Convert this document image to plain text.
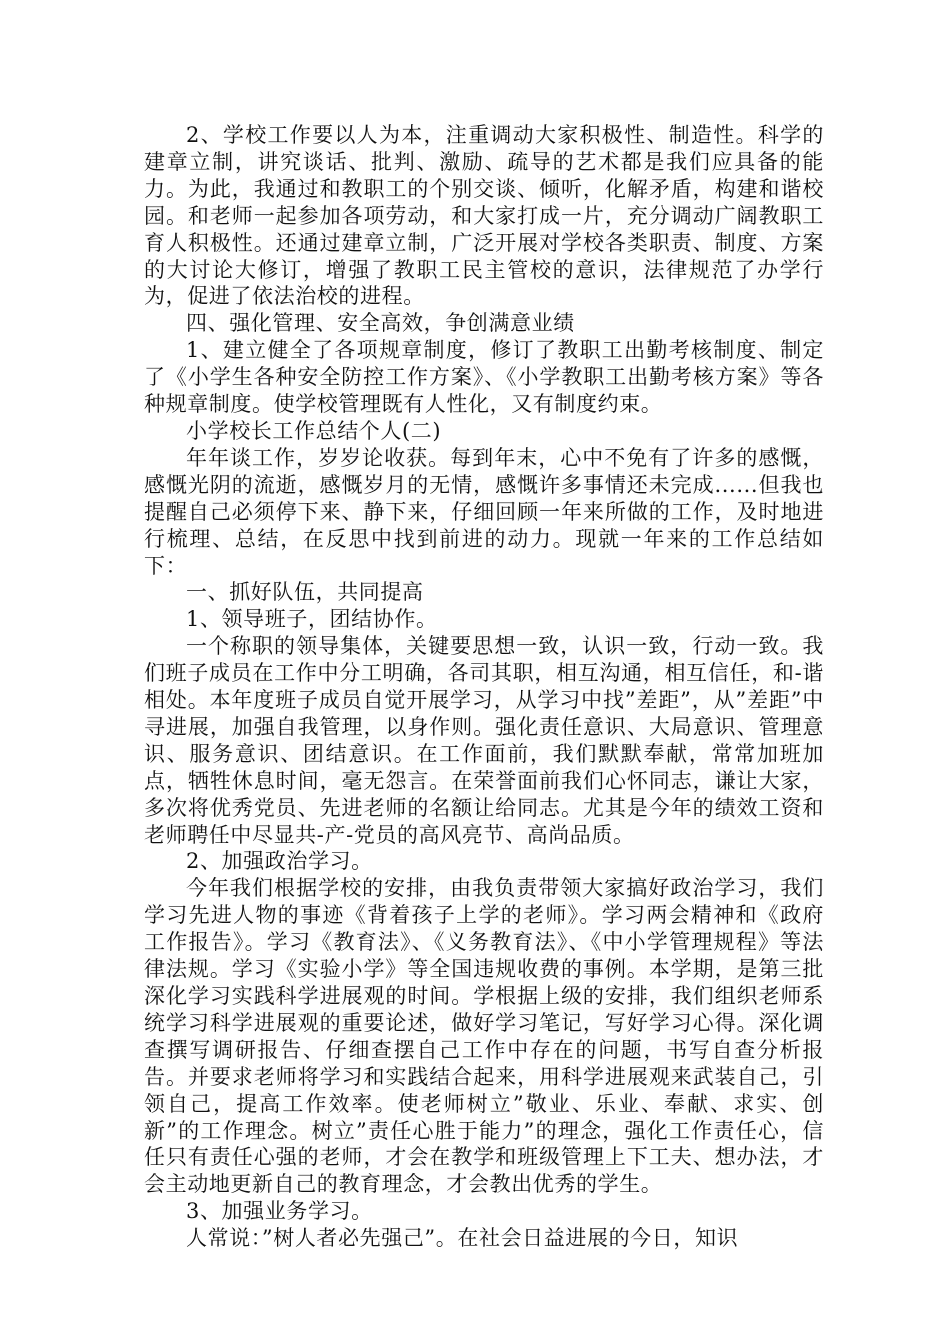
2、学校工作要以人为本，注重调动大家积极性、制造性。科学的建章立制，讲究谈话、批判、激励、疏导的艺术都是我们应具备的能力。为此，我通过和教职工的个别交谈、倾听，化解矛盾，构建和谐校园。和老师一起参加各项劳动，和大家打成一片，充分调动广阔教职工育人积极性。还通过建章立制，广泛开展对学校各类职责、制度、方案的大讨论大修订，增强了教职工民主管校的意识，法律规范了办学行为，促进了依法治校的进程。

四、强化管理、安全高效，争创满意业绩

1、建立健全了各项规章制度，修订了教职工出勤考核制度、制定了《小学生各种安全防控工作方案》、《小学教职工出勤考核方案》等各种规章制度。使学校管理既有人性化，又有制度约束。

小学校长工作总结个人(二)

年年谈工作，岁岁论收获。每到年末，心中不免有了许多的感慨，感慨光阴的流逝，感慨岁月的无情，感慨许多事情还未完成......但我也提醒自己必须停下来、静下来，仔细回顾一年来所做的工作，及时地进行梳理、总结，在反思中找到前进的动力。现就一年来的工作总结如下：

一、抓好队伍，共同提高

1、领导班子，团结协作。

一个称职的领导集体，关键要思想一致，认识一致，行动一致。我们班子成员在工作中分工明确，各司其职，相互沟通，相互信任，和-谐相处。本年度班子成员自觉开展学习，从学习中找”差距”，从”差距”中寻进展，加强自我管理，以身作则。强化责任意识、大局意识、管理意识、服务意识、团结意识。在工作面前，我们默默奉献，常常加班加点，牺牲休息时间，毫无怨言。在荣誉面前我们心怀同志，谦让大家，多次将优秀党员、先进老师的名额让给同志。尤其是今年的绩效工资和老师聘任中尽显共-产-党员的高风亮节、高尚品质。

2、加强政治学习。

今年我们根据学校的安排，由我负责带领大家搞好政治学习，我们学习先进人物的事迹《背着孩子上学的老师》。学习两会精神和《政府工作报告》。学习《教育法》、《义务教育法》、《中小学管理规程》等法律法规。学习《实验小学》等全国违规收费的事例。本学期，是第三批深化学习实践科学进展观的时间。学根据上级的安排，我们组织老师系统学习科学进展观的重要论述，做好学习笔记，写好学习心得。深化调查撰写调研报告、仔细查摆自己工作中存在的问题，书写自查分析报告。并要求老师将学习和实践结合起来，用科学进展观来武装自己，引领自己，提高工作效率。使老师树立”敬业、乐业、奉献、求实、创新”的工作理念。树立”责任心胜于能力”的理念，强化工作责任心，信任只有责任心强的老师，才会在教学和班级管理上下工夫、想办法，才会主动地更新自己的教育理念，才会教出优秀的学生。

3、加强业务学习。

人常说：”树人者必先强己”。在社会日益进展的今日，知识
